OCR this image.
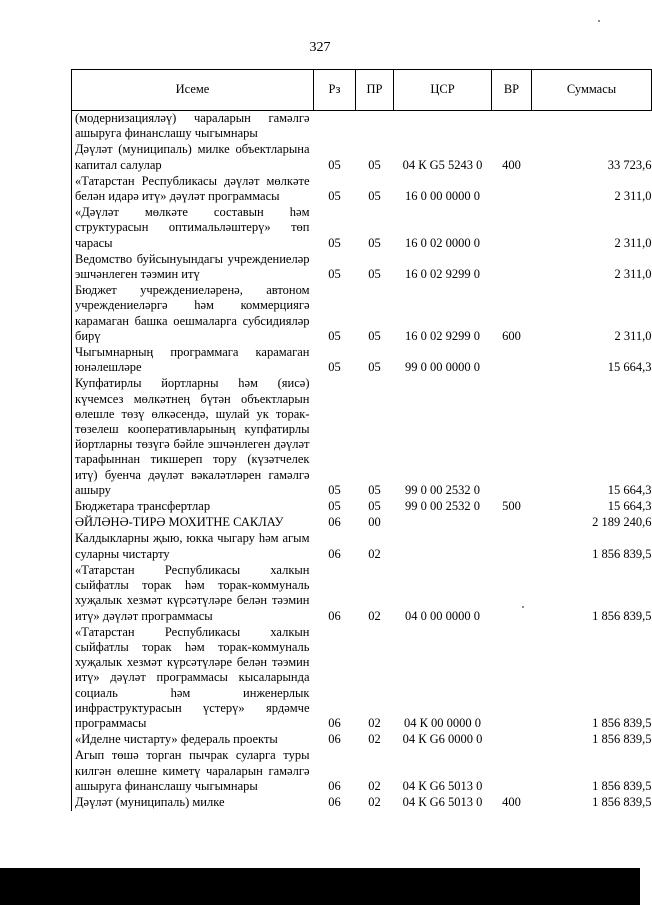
327
Исеме	Рз	ПР	ЦСР	ВР	Суммасы
(модернизацияләү) чараларын гамәлгә ашыруга финанслашу чыгымнары					
Дәүләт (муниципаль) милке объектларына капитал салулар	05	05	04 К G5 5243 0	400	33 723,6
«Татарстан Республикасы дәүләт мөлкәте белән идарә итү» дәүләт программасы	05	05	16 0 00 0000 0		2 311,0
«Дәүләт мөлкәте составын һәм структурасын оптимальләштерү» төп чарасы	05	05	16 0 02 0000 0		2 311,0
Ведомство буйсынуындагы учреждениеләр эшчәнлеген тәэмин итү	05	05	16 0 02 9299 0		2 311,0
Бюджет учреждениеләренә, автоном учреждениеләргә һәм коммерциягә карамаган башка оешмаларга субсидияләр бирү	05	05	16 0 02 9299 0	600	2 311,0
Чыгымнарның программага карамаган юнәлешләре	05	05	99 0 00 0000 0		15 664,3
Купфатирлы йортларны һәм (яисә) күчемсез мөлкәтнең бүтән объектларын өлешле төзү өлкәсендә, шулай ук торак-төзелеш кооперативларының купфатирлы йортларны төзүгә бәйле эшчәнлеген дәүләт тарафыннан тикшереп тору (күзәтчелек итү) буенча дәүләт вәкаләтләрен гамәлгә ашыру	05	05	99 0 00 2532 0		15 664,3
Бюджетара трансфертлар	05	05	99 0 00 2532 0	500	15 664,3
ӘЙЛӘНӘ-ТИРӘ МОХИТНЕ САКЛАУ	06	00			2 189 240,6
Калдыкларны җыю, юкка чыгару һәм агым суларны чистарту	06	02			1 856 839,5
«Татарстан Республикасы халкын сыйфатлы торак һәм торак-коммуналь хуҗалык хезмәт күрсәтүләре белән тәэмин итү» дәүләт программасы	06	02	04 0 00 0000 0		1 856 839,5
«Татарстан Республикасы халкын сыйфатлы торак һәм торак-коммуналь хуҗалык хезмәт күрсәтүләре белән тәэмин итү» дәүләт программасы кысаларында социаль һәм инженерлык инфраструктурасын үстерү» ярдәмче программасы	06	02	04 К 00 0000 0		1 856 839,5
«Иделне чистарту» федераль проекты	06	02	04 К G6 0000 0		1 856 839,5
Агып төшә торган пычрак суларга туры килгән өлешне киметү чараларын гамәлгә ашыруга финанслашу чыгымнары	06	02	04 К G6 5013 0		1 856 839,5
Дәүләт (муниципаль) милке	06	02	04 К G6 5013 0	400	1 856 839,5
